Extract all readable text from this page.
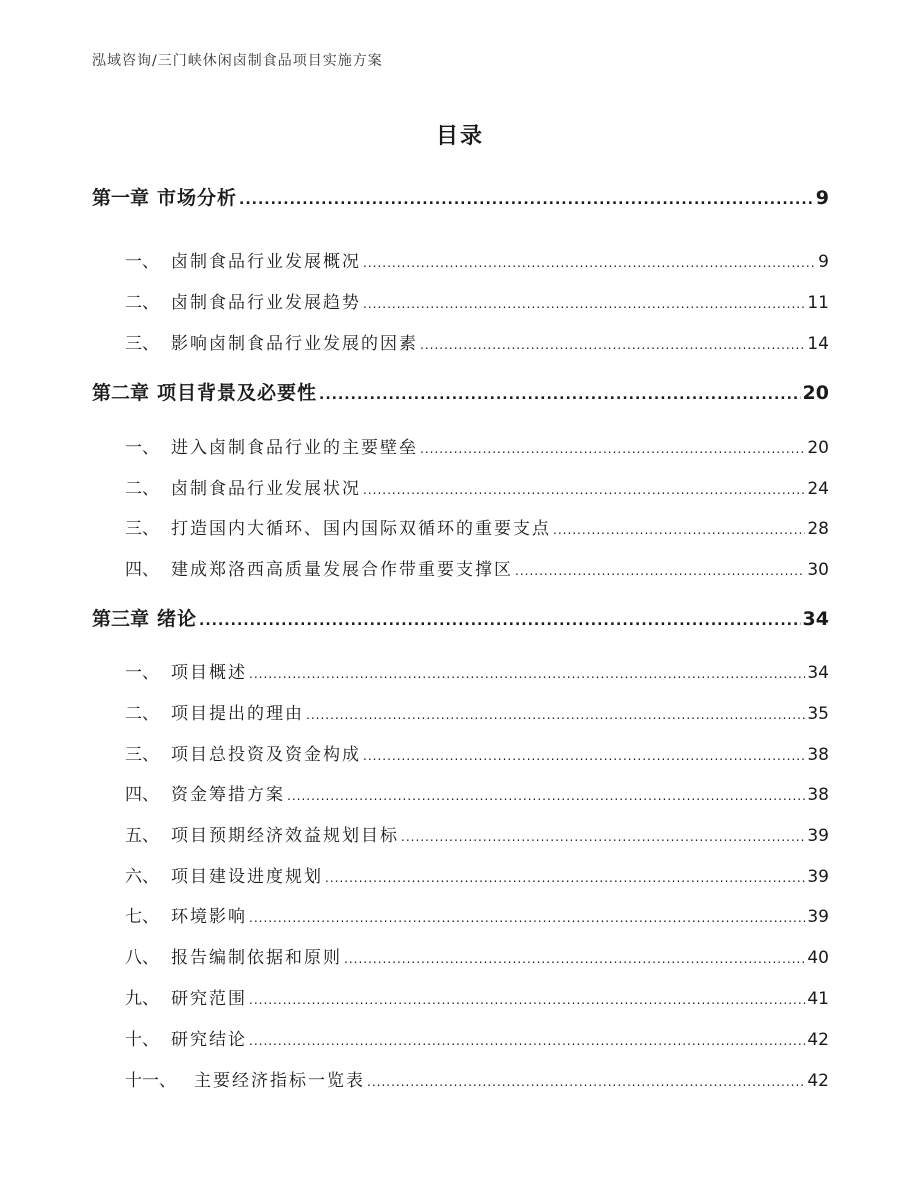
泓域咨询/三门峡休闲卤制食品项目实施方案
目录
第一章 市场分析 .....	9
一、 卤制食品行业发展概况 .....	9
二、 卤制食品行业发展趋势 .....	11
三、 影响卤制食品行业发展的因素 .....	14
第二章 项目背景及必要性 .....	20
一、 进入卤制食品行业的主要壁垒 .....	20
二、 卤制食品行业发展状况 .....	24
三、 打造国内大循环、国内国际双循环的重要支点 .....	28
四、 建成郑洛西高质量发展合作带重要支撑区 .....	30
第三章 绪论 .....	34
一、 项目概述 .....	34
二、 项目提出的理由 .....	35
三、 项目总投资及资金构成 .....	38
四、 资金筹措方案 .....	38
五、 项目预期经济效益规划目标 .....	39
六、 项目建设进度规划 .....	39
七、 环境影响 .....	39
八、 报告编制依据和原则 .....	40
九、 研究范围 .....	41
十、 研究结论 .....	42
十一、	主要经济指标一览表 .....	42
